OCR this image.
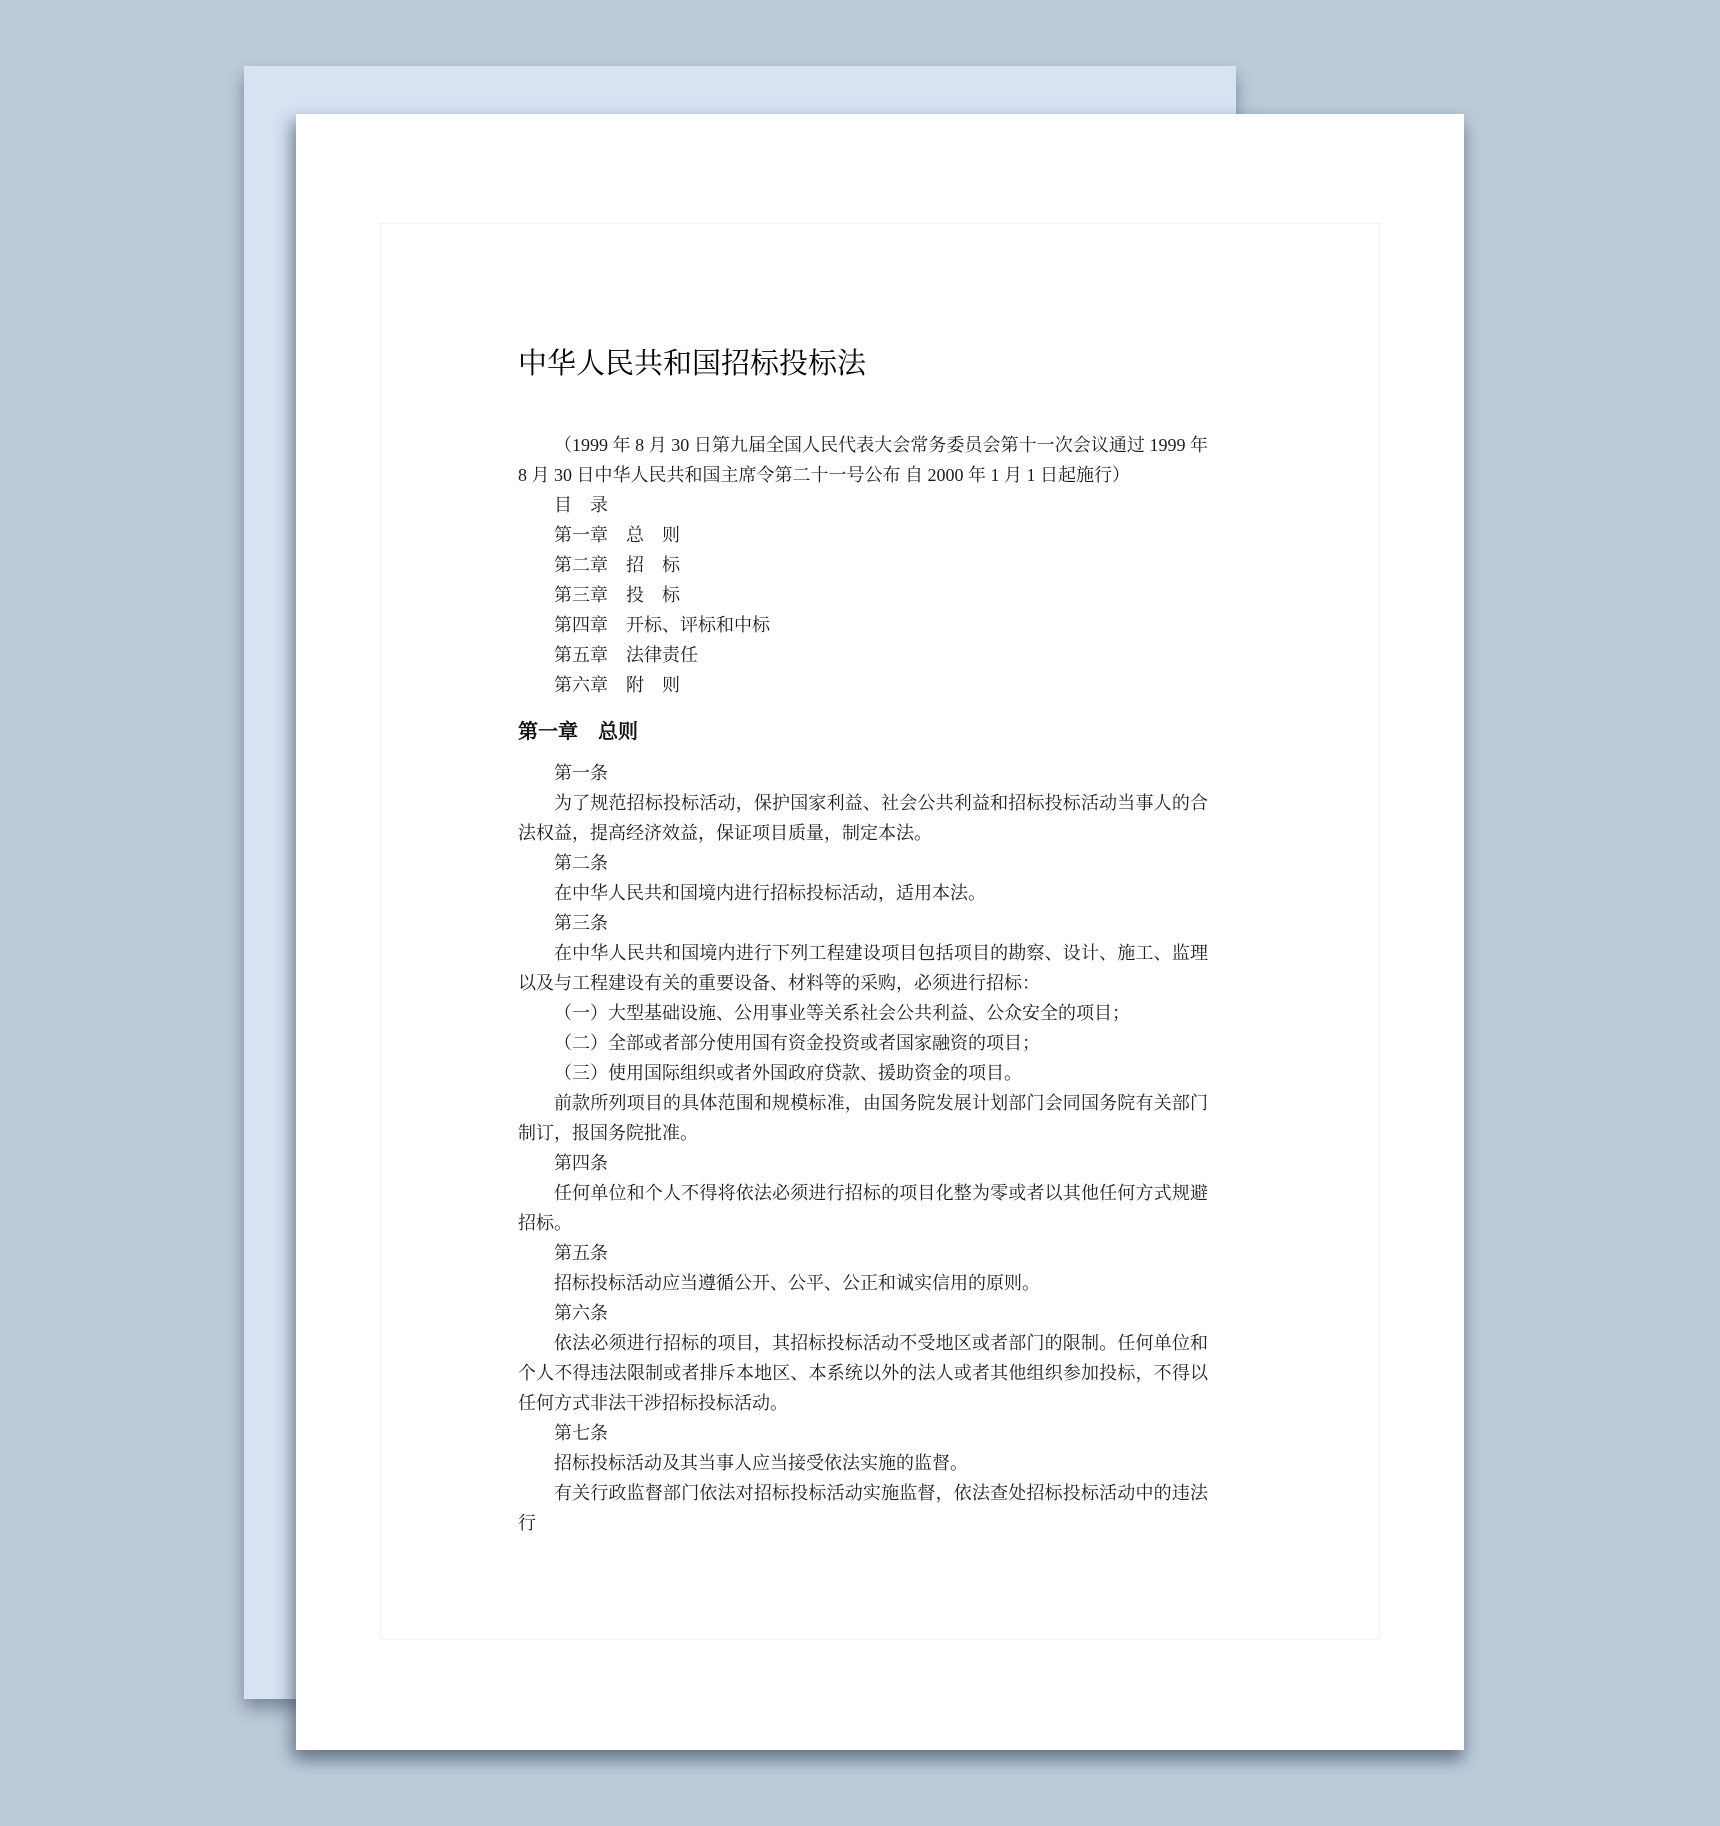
中华人民共和国招标投标法

（1999 年 8 月 30 日第九届全国人民代表大会常务委员会第十一次会议通过 1999 年 8 月 30 日中华人民共和国主席令第二十一号公布 自 2000 年 1 月 1 日起施行）

目　录

第一章　总　则

第二章　招　标

第三章　投　标

第四章　开标、评标和中标

第五章　法律责任

第六章　附　则

第一章　总则

第一条

为了规范招标投标活动，保护国家利益、社会公共利益和招标投标活动当事人的合法权益，提高经济效益，保证项目质量，制定本法。

第二条

在中华人民共和国境内进行招标投标活动，适用本法。

第三条

在中华人民共和国境内进行下列工程建设项目包括项目的勘察、设计、施工、监理以及与工程建设有关的重要设备、材料等的采购，必须进行招标：

（一）大型基础设施、公用事业等关系社会公共利益、公众安全的项目；

（二）全部或者部分使用国有资金投资或者国家融资的项目；

（三）使用国际组织或者外国政府贷款、援助资金的项目。

前款所列项目的具体范围和规模标准，由国务院发展计划部门会同国务院有关部门制订，报国务院批准。

第四条

任何单位和个人不得将依法必须进行招标的项目化整为零或者以其他任何方式规避招标。

第五条

招标投标活动应当遵循公开、公平、公正和诚实信用的原则。

第六条

依法必须进行招标的项目，其招标投标活动不受地区或者部门的限制。任何单位和个人不得违法限制或者排斥本地区、本系统以外的法人或者其他组织参加投标，不得以任何方式非法干涉招标投标活动。

第七条

招标投标活动及其当事人应当接受依法实施的监督。

有关行政监督部门依法对招标投标活动实施监督，依法查处招标投标活动中的违法行
